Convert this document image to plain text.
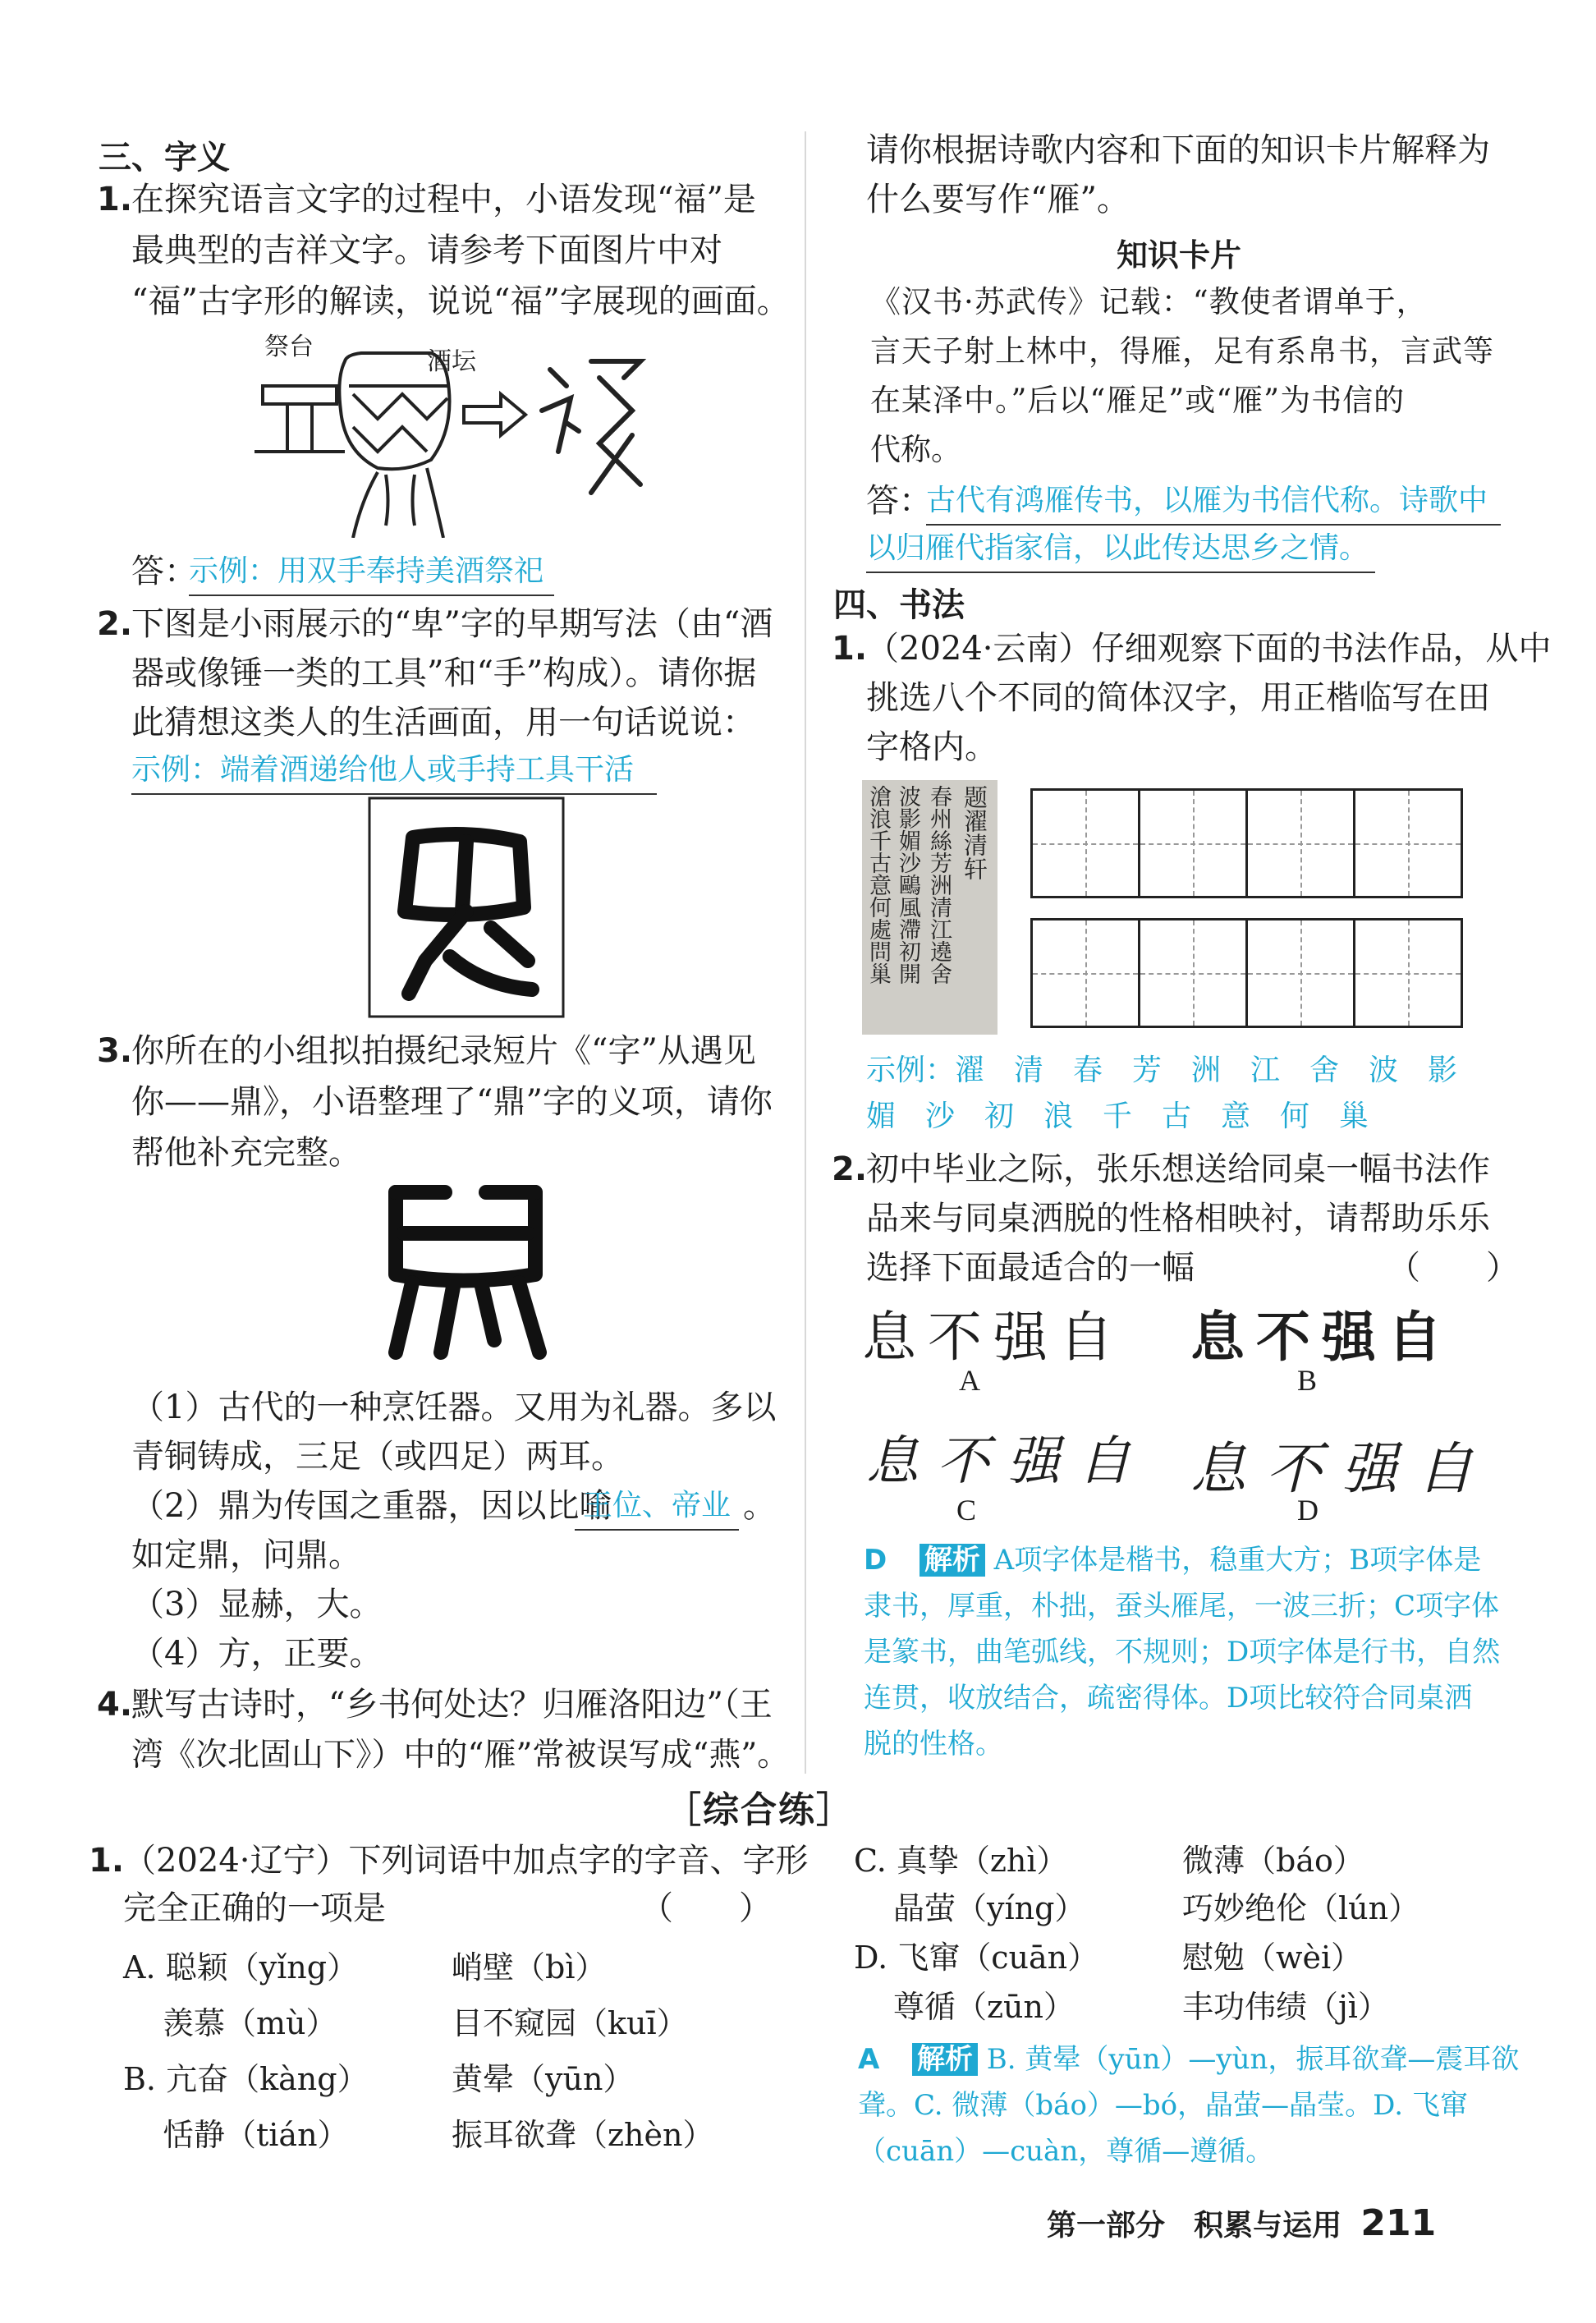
三、字义
1.
在探究语言文字的过程中，小语发现“福”是
最典型的吉祥文字。请参考下面图片中对
“福”古字形的解读，说说“福”字展现的画面。
祭台
酒坛
答：
示例：用双手奉持美酒祭祀
2.
下图是小雨展示的“卑”字的早期写法（由“酒
器或像锤一类的工具”和“手”构成）。请你据
此猜想这类人的生活画面，用一句话说说：
示例：端着酒递给他人或手持工具干活
3.
你所在的小组拟拍摄纪录短片《“字”从遇见
你——鼎》，小语整理了“鼎”字的义项，请你
帮他补充完整。
（1）古代的一种烹饪器。又用为礼器。多以
青铜铸成，三足（或四足）两耳。
（2）鼎为传国之重器，因以比喻
王位、帝业 。
如定鼎，问鼎。
（3）显赫，大。
（4）方，正要。
4.
默写古诗时，“乡书何处达？归雁洛阳边”（王
湾《次北固山下》）中的“雁”常被误写成“燕”。
请你根据诗歌内容和下面的知识卡片解释为
什么要写作“雁”。
知识卡片
《汉书·苏武传》记载：“教使者谓单于，
言天子射上林中，得雁，足有系帛书，言武等
在某泽中。”后以“雁足”或“雁”为书信的
代称。
答：
古代有鸿雁传书，以雁为书信代称。诗歌中
以归雁代指家信，以此传达思乡之情。
四、书法
1.
（2024·云南）仔细观察下面的书法作品，从中
挑选八个不同的简体汉字，用正楷临写在田
字格内。
滄浪千古意何處問巢 波影媚沙鷗風滯初開 春州絲芳洲清江遶舍 题濯清轩
示例：濯　清　春　芳　洲　江　舍　波　影
媚　沙　初　浪　千　古　意　何　巢
2.
初中毕业之际，张乐想送给同桌一幅书法作
品来与同桌洒脱的性格相映衬，请帮助乐乐
选择下面最适合的一幅	（　　）
息不强自
A
息不强自
B
息不强自
C
息不强自
D
D 解析 A项字体是楷书，稳重大方；B项字体是
隶书，厚重，朴拙，蚕头雁尾，一波三折；C项字体
是篆书，曲笔弧线，不规则；D项字体是行书，自然
连贯，收放结合，疏密得体。D项比较符合同桌洒
脱的性格。
［综合练］
1.
（2024·辽宁）下列词语中加点字的字音、字形
完全正确的一项是	（　　）
A. 聪颖（yǐng）	峭壁（bì）
羡慕（mù）	目不窥园（kuī）
B. 亢奋（kàng）	黄晕（yūn）
恬静（tián）	振耳欲聋（zhèn）
C. 真挚（zhì）	微薄（báo）
晶萤（yíng）	巧妙绝伦（lún）
D. 飞窜（cuān）	慰勉（wèi）
尊循（zūn）	丰功伟绩（jì）
A 解析 B. 黄晕（yūn）—yùn，振耳欲聋—震耳欲
聋。C. 微薄（báo）—bó，晶萤—晶莹。D. 飞窜
（cuān）—cuàn，尊循—遵循。
第一部分 积累与运用 211
